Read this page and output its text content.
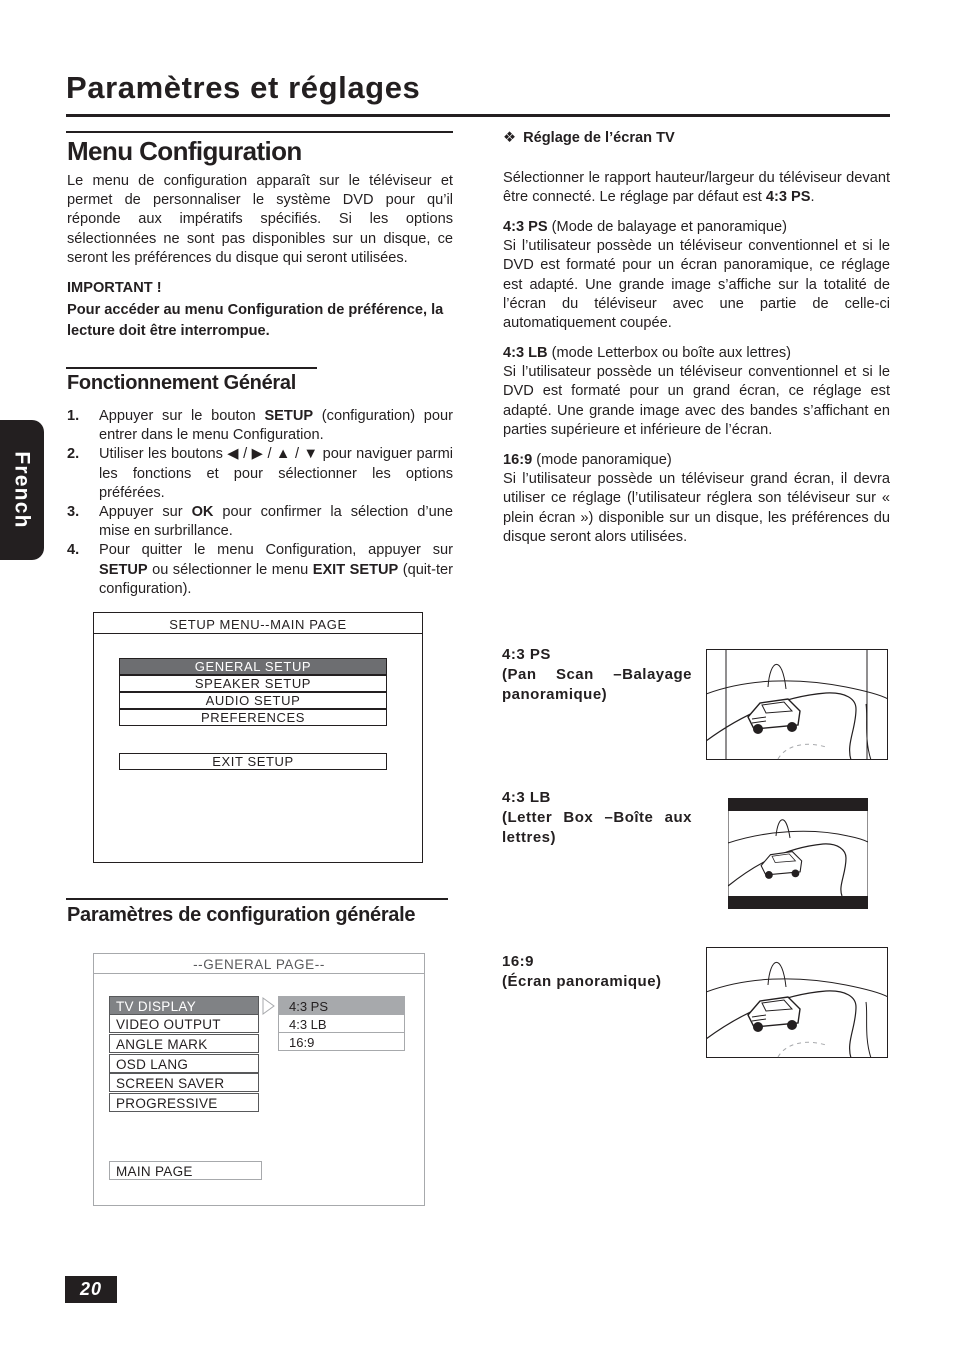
Paramètres et réglages
French
Menu Configuration
Le menu de configuration apparaît sur le téléviseur et permet de personnaliser le système DVD pour qu’il réponde aux impératifs spécifiés. Si les options sélectionnées ne sont pas disponibles sur un disque, ce seront les préférences du disque qui seront utilisées.
IMPORTANT !
Pour accéder au menu Configuration de préférence, la lecture doit être interrompue.
Fonctionnement Général
1. Appuyer sur le bouton SETUP (configuration) pour entrer dans le menu Configuration.
2. Utiliser les boutons ◀ / ▶ / ▲ / ▼ pour naviguer parmi les fonctions et pour sélectionner les options préférées.
3. Appuyer sur OK pour confirmer la sélection d’une mise en surbrillance.
4. Pour quitter le menu Configuration, appuyer sur SETUP ou sélectionner le menu EXIT SETUP (quit-ter configuration).
SETUP MENU--MAIN PAGE
GENERAL SETUP
SPEAKER SETUP
AUDIO SETUP
PREFERENCES
EXIT SETUP
Paramètres de configuration générale
--GENERAL PAGE--
TV DISPLAY
VIDEO OUTPUT
ANGLE MARK
OSD LANG
SCREEN SAVER
PROGRESSIVE
4:3 PS
4:3 LB
16:9
MAIN PAGE
❖ Réglage de l’écran TV
Sélectionner le rapport hauteur/largeur du téléviseur devant être connecté. Le réglage par défaut est 4:3 PS.
4:3 PS (Mode de balayage et panoramique)
Si l’utilisateur possède un téléviseur conventionnel et si le DVD est formaté pour un écran panoramique, ce réglage est adapté. Une grande image s’affiche sur la totalité de l’écran du téléviseur avec une partie de celle-ci automatiquement coupée.
4:3 LB (mode Letterbox ou boîte aux lettres)
Si l’utilisateur possède un téléviseur conventionnel et si le DVD est formaté pour un grand écran, ce réglage est adapté. Une grande image avec des bandes s’affichant en parties supérieure et inférieure de l’écran.
16:9 (mode panoramique)
Si l’utilisateur possède un téléviseur grand écran, il devra utiliser ce réglage (l’utilisateur réglera son téléviseur sur « plein écran ») disponible sur un disque, les préférences du disque seront alors utilisées.
4:3 PS
(Pan Scan –Balayage panoramique)
4:3 LB
(Letter Box –Boîte aux lettres)
16:9
(Écran panoramique)
20
